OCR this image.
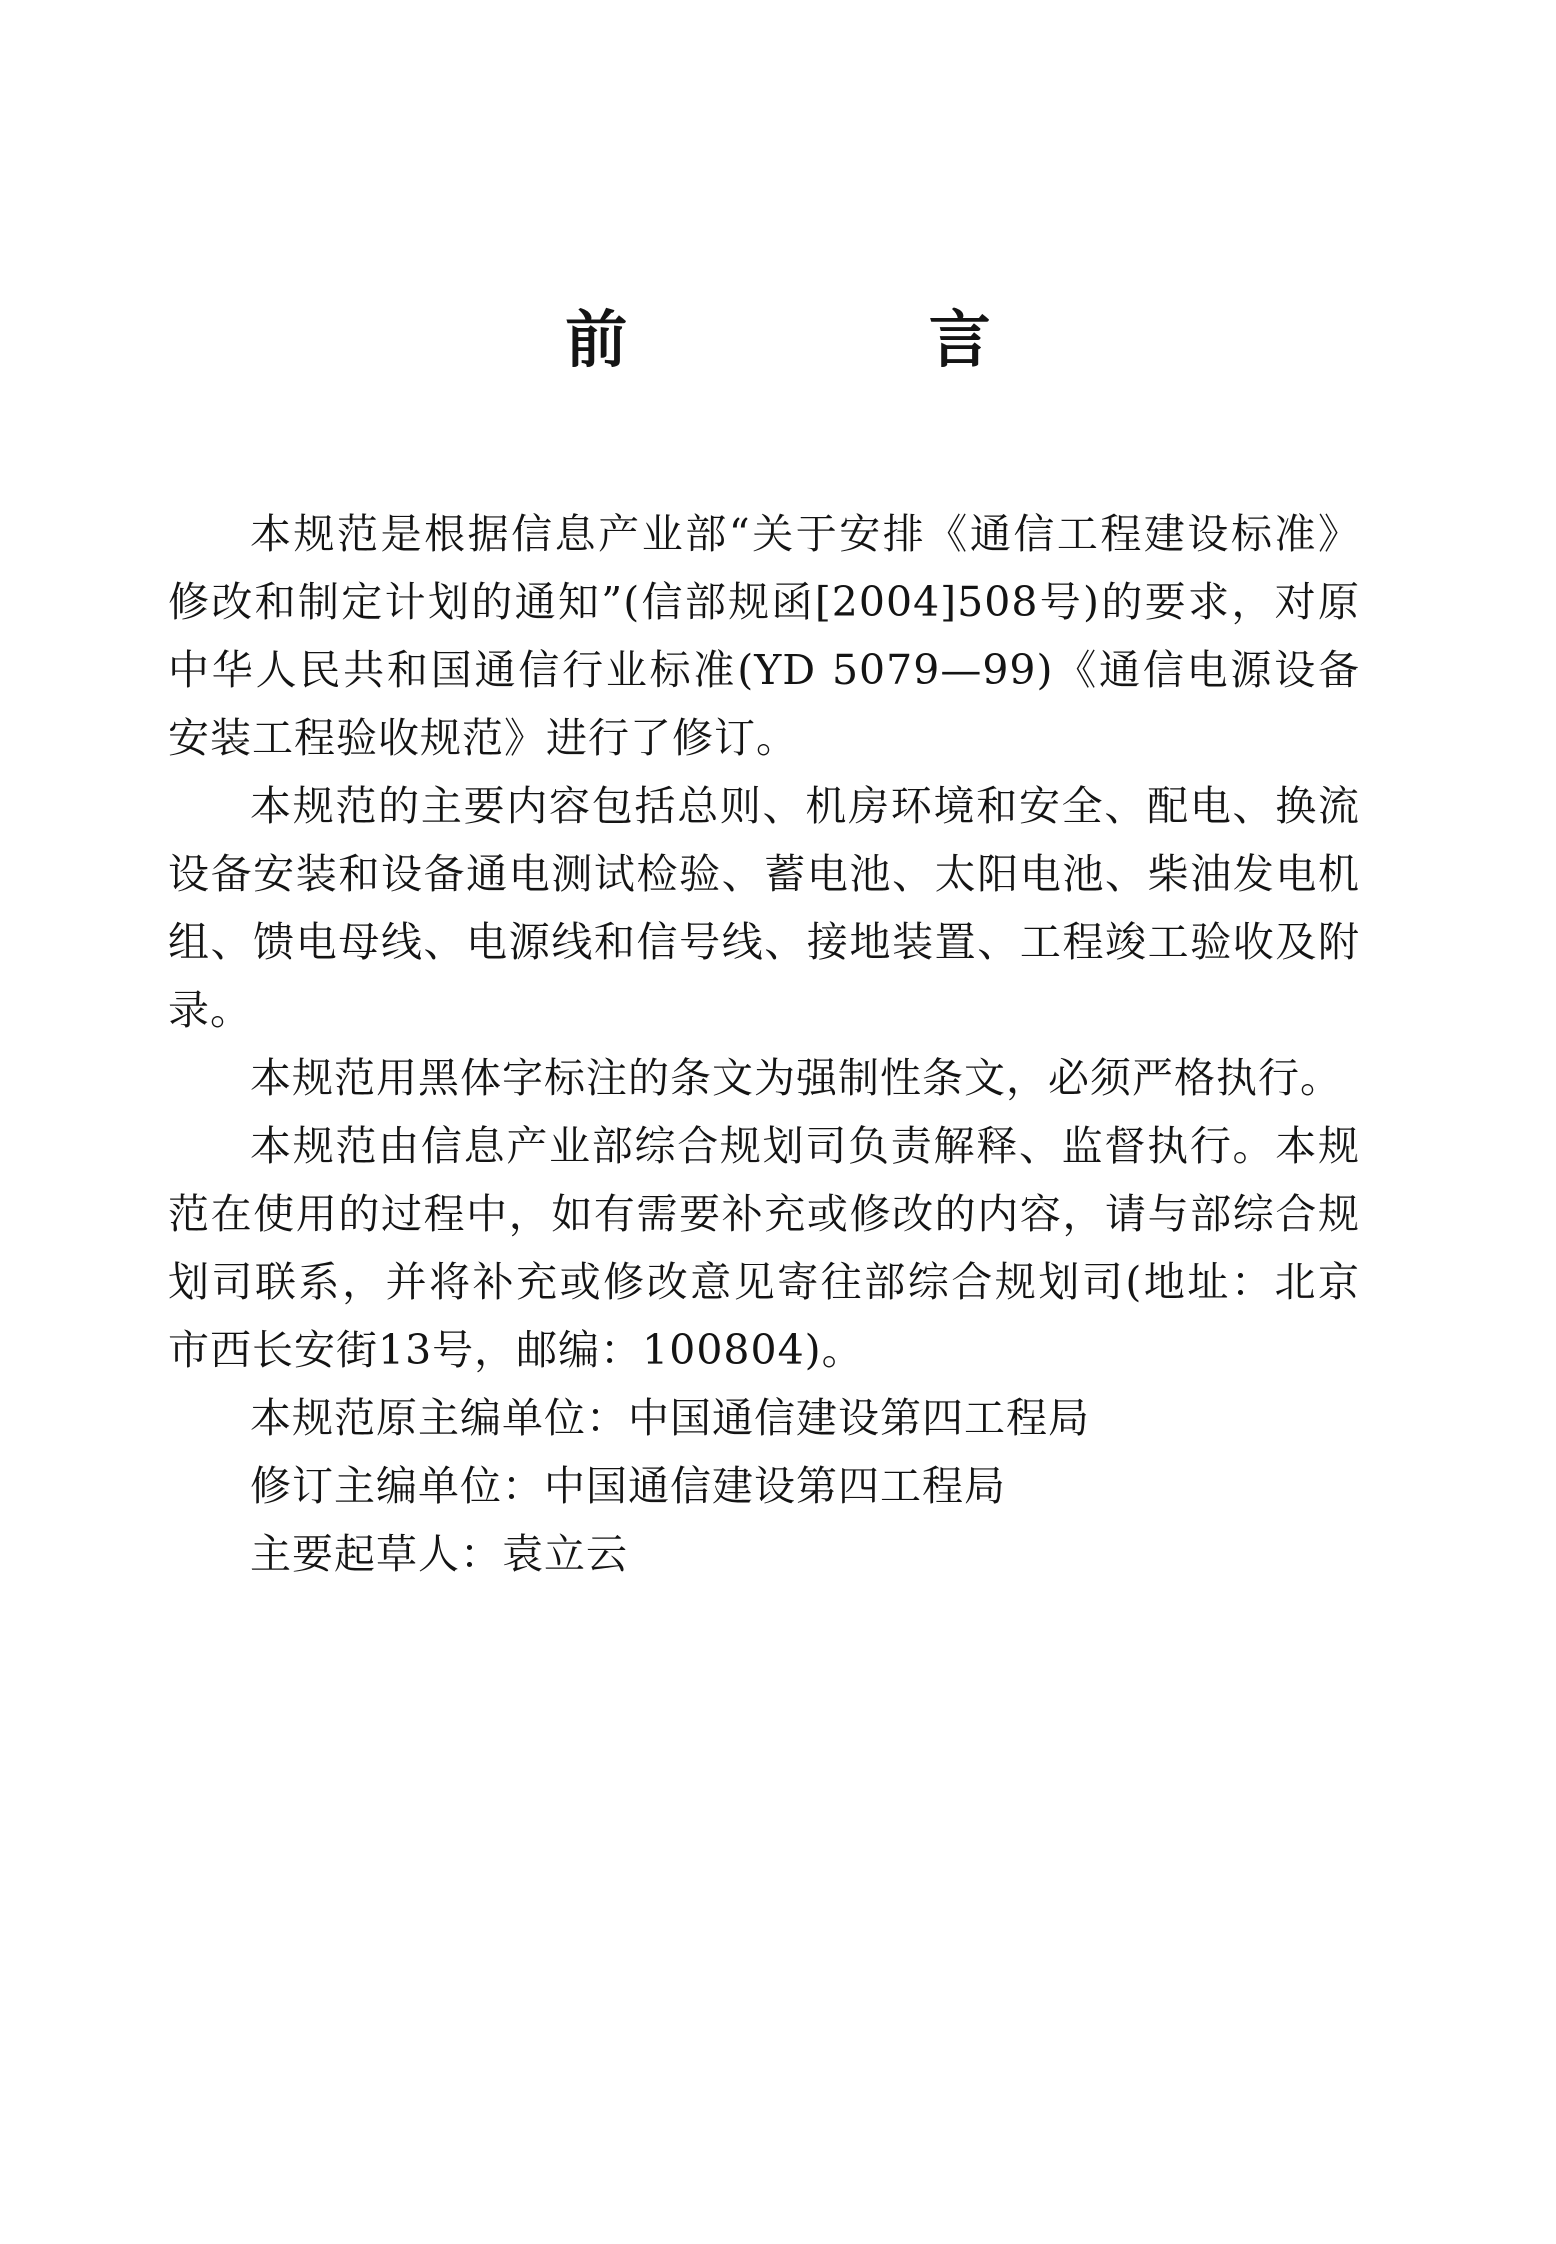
前 言

本规范是根据信息产业部“关于安排《通信工程建设标准》修改和制定计划的通知”(信部规函[2004]508号)的要求，对原中华人民共和国通信行业标准(YD 5079—99)《通信电源设备安装工程验收规范》进行了修订。

本规范的主要内容包括总则、机房环境和安全、配电、换流设备安装和设备通电测试检验、蓄电池、太阳电池、柴油发电机组、馈电母线、电源线和信号线、接地装置、工程竣工验收及附录。

本规范用黑体字标注的条文为强制性条文，必须严格执行。

本规范由信息产业部综合规划司负责解释、监督执行。本规范在使用的过程中，如有需要补充或修改的内容，请与部综合规划司联系，并将补充或修改意见寄往部综合规划司(地址：北京市西长安街13号，邮编：100804)。

本规范原主编单位：中国通信建设第四工程局

修订主编单位：中国通信建设第四工程局

主要起草人：袁立云
